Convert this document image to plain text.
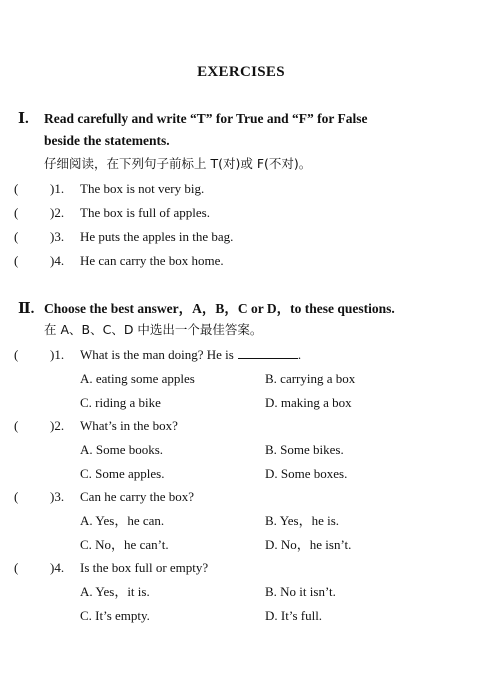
EXERCISES
Ⅰ. Read carefully and write “T” for True and “F” for False
beside the statements.
仔细阅读，在下列句子前标上 T(对)或 F(不对)。
( )1. The box is not very big.
( )2. The box is full of apples.
( )3. He puts the apples in the bag.
( )4. He can carry the box home.
Ⅱ. Choose the best answer，A，B，C or D，to these questions.
在 A、B、C、D 中选出一个最佳答案。
( )1. What is the man doing? He is	.
A. eating some apples	B. carrying a box
C. riding a bike	D. making a box
( )2. What’s in the box?
A. Some books.	B. Some bikes.
C. Some apples.	D. Some boxes.
( )3. Can he carry the box?
A. Yes，he can.	B. Yes，he is.
C. No，he can’t.	D. No，he isn’t.
( )4. Is the box full or empty?
A. Yes，it is.	B. No it isn’t.
C. It’s empty.	D. It’s full.
